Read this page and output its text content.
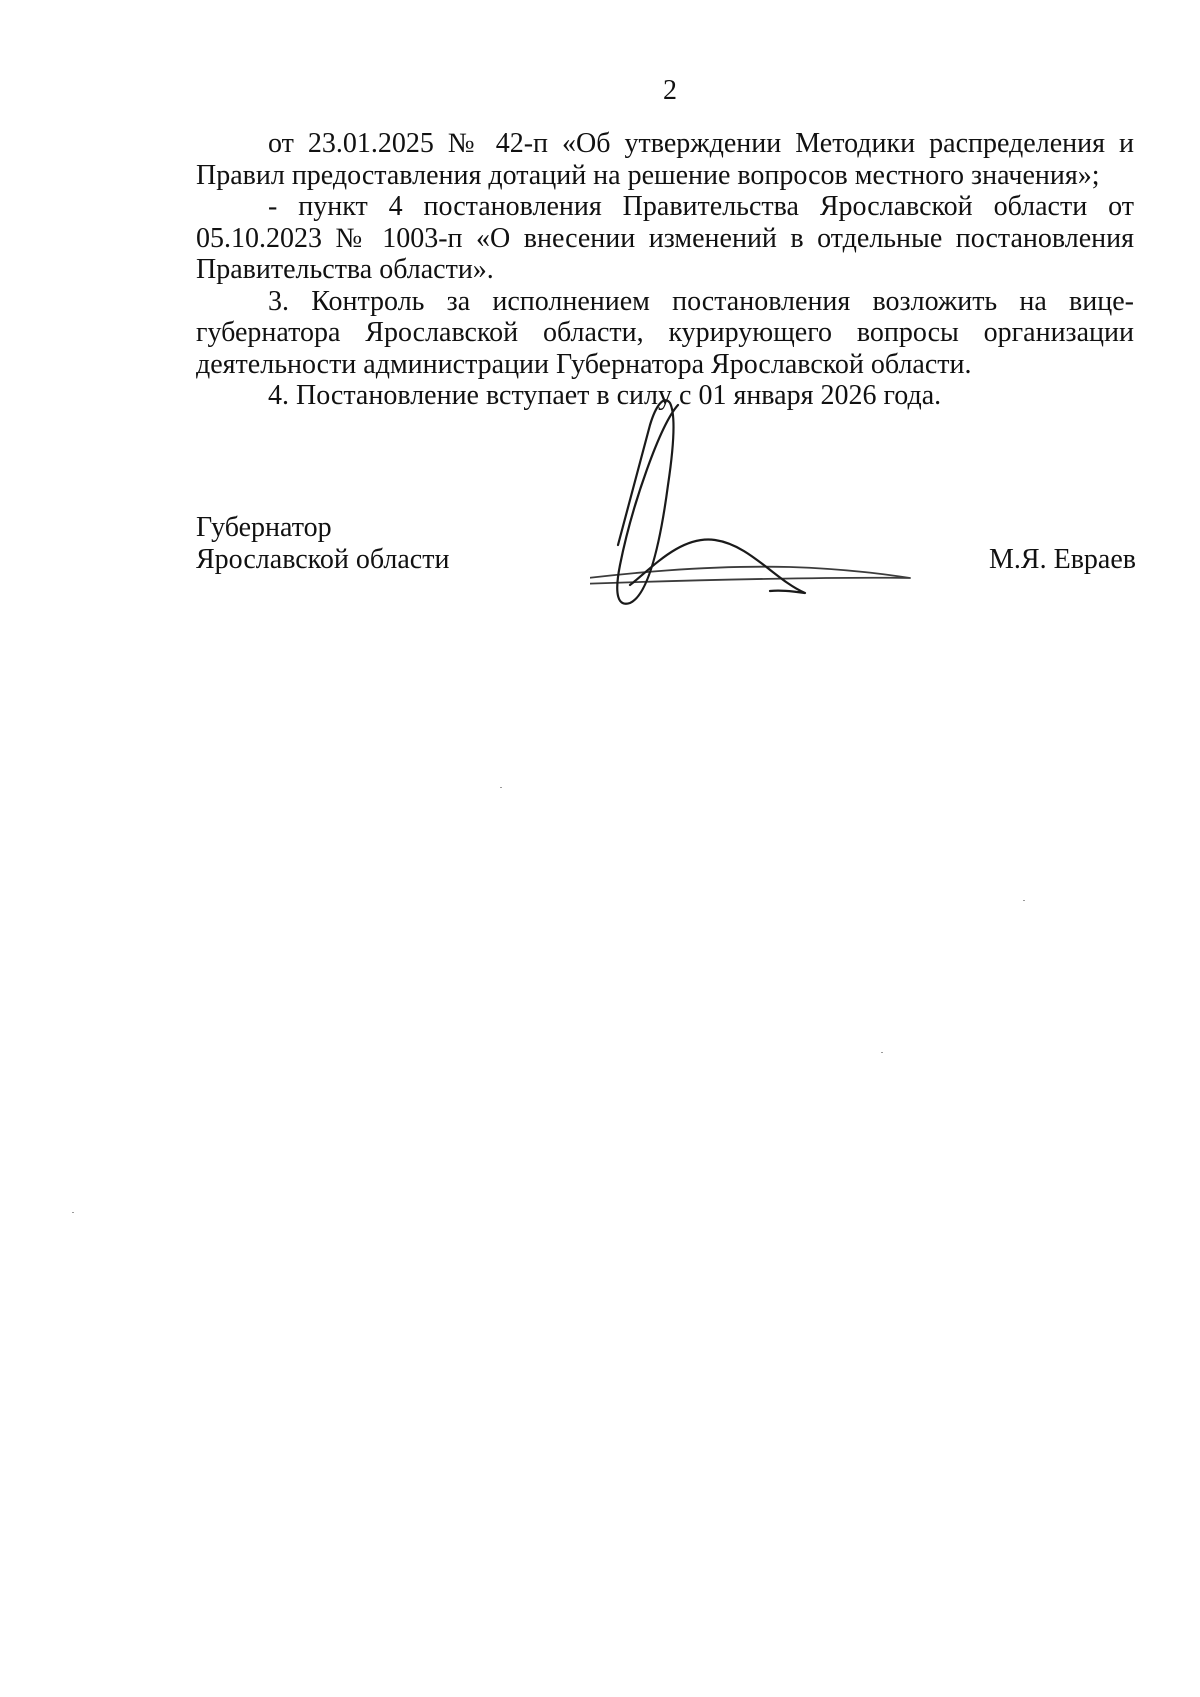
2

от 23.01.2025 № 42-п «Об утверждении Методики распределения и Правил предоставления дотаций на решение вопросов местного значения»;

- пункт 4 постановления Правительства Ярославской области от 05.10.2023 № 1003-п «О внесении изменений в отдельные постановления Правительства области».

3. Контроль за исполнением постановления возложить на вице-губернатора Ярославской области, курирующего вопросы организации деятельности администрации Губернатора Ярославской области.

4. Постановление вступает в силу с 01 января 2026 года.

Губернатор
Ярославской области	М.Я. Евраев
